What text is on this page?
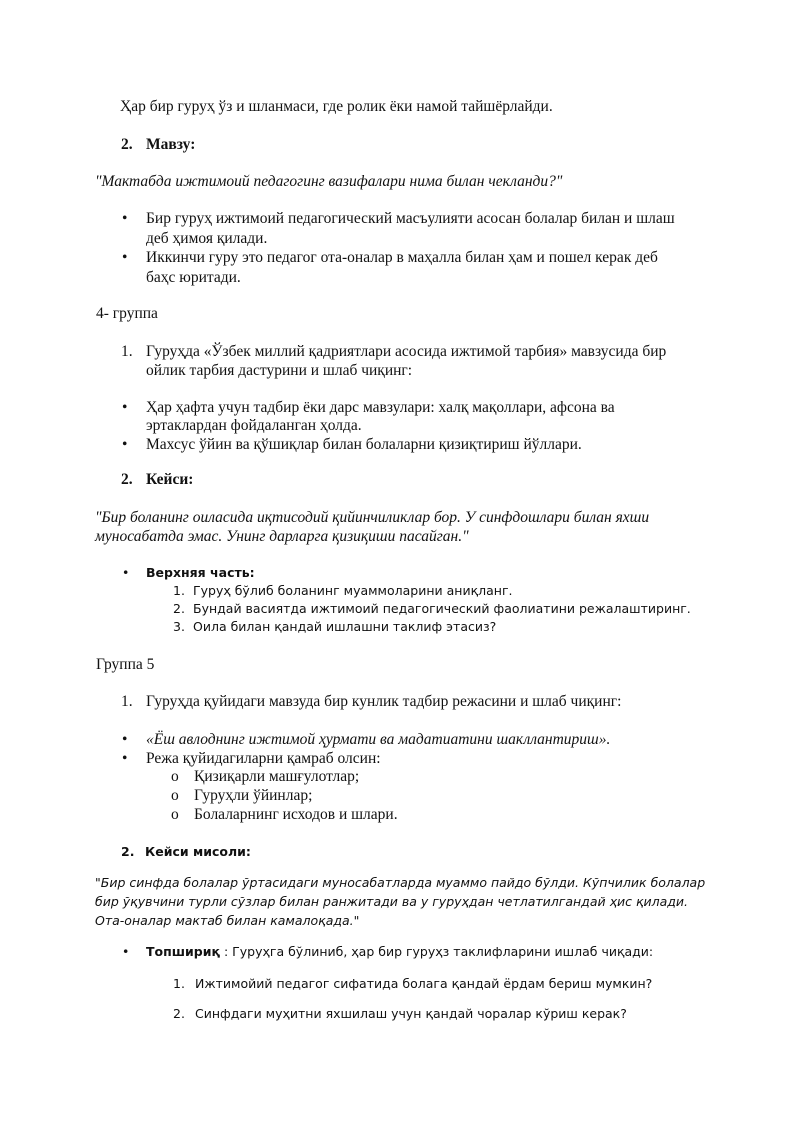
Ҳар бир гуруҳ ўз и шланмаси, где ролик ёки намой тайшёрлайди.
2. Мавзу:
"Мактабда ижтимоий педагогинг вазифалари нима билан чекланди?"
• Бир гуруҳ ижтимоий педагогический масъулияти асосан болалар билан и шлаш
деб ҳимоя қилади.
• Иккинчи гуру это педагог ота-оналар в маҳалла билан ҳам и пошел керак деб
баҳс юритади.
4- группа
1. Гуруҳда «Ўзбек миллий қадриятлари асосида ижтимой тарбия» мавзусида бир
ойлик тарбия дастурини и шлаб чиқинг:
• Ҳар ҳафта учун тадбир ёки дарс мавзулари: халқ мақоллари, афсона ва
эртаклардан фойдаланган ҳолда.
• Махсус ўйин ва қўшиқлар билан болаларни қизиқтириш йўллари.
2. Кейси:
"Бир боланинг оиласида иқтисодий қийинчиликлар бор. У синфдошлари билан яхши
муносабатда эмас. Унинг дарларга қизиқиши пасайган."
• Верхняя часть:
1. Гуруҳ бўлиб боланинг муаммоларини аниқланг.
2. Бундай васиятда ижтимоий педагогический фаолиатини режалаштиринг.
3. Оила билан қандай ишлашни таклиф этасиз?
Группа 5
1. Гуруҳда қуйидаги мавзуда бир кунлик тадбир режасини и шлаб чиқинг:
• «Ёш авлоднинг ижтимой ҳурмати ва мадатиатини шакллантириш».
• Режа қуйидагиларни қамраб олсин:
o Қизиқарли машғулотлар;
o Гуруҳли ўйинлар;
o Болаларнинг исходов и шлари.
2. Кейси мисоли:
"Бир синфда болалар ўртасидаги муносабатларда муаммо пайдо бўлди. Кўпчилик болалар
бир ўқувчини турли сўзлар билан ранжитади ва у гуруҳдан четлатилгандай ҳис қилади.
Ота-оналар мактаб билан камалоқада."
• Топшириқ : Гуруҳга бўлиниб, ҳар бир гуруҳз таклифларини ишлаб чиқади:
1. Ижтимойий педагог сифатида болага қандай ёрдам бериш мумкин?
2. Синфдаги муҳитни яхшилаш учун қандай чоралар кўриш керак?
